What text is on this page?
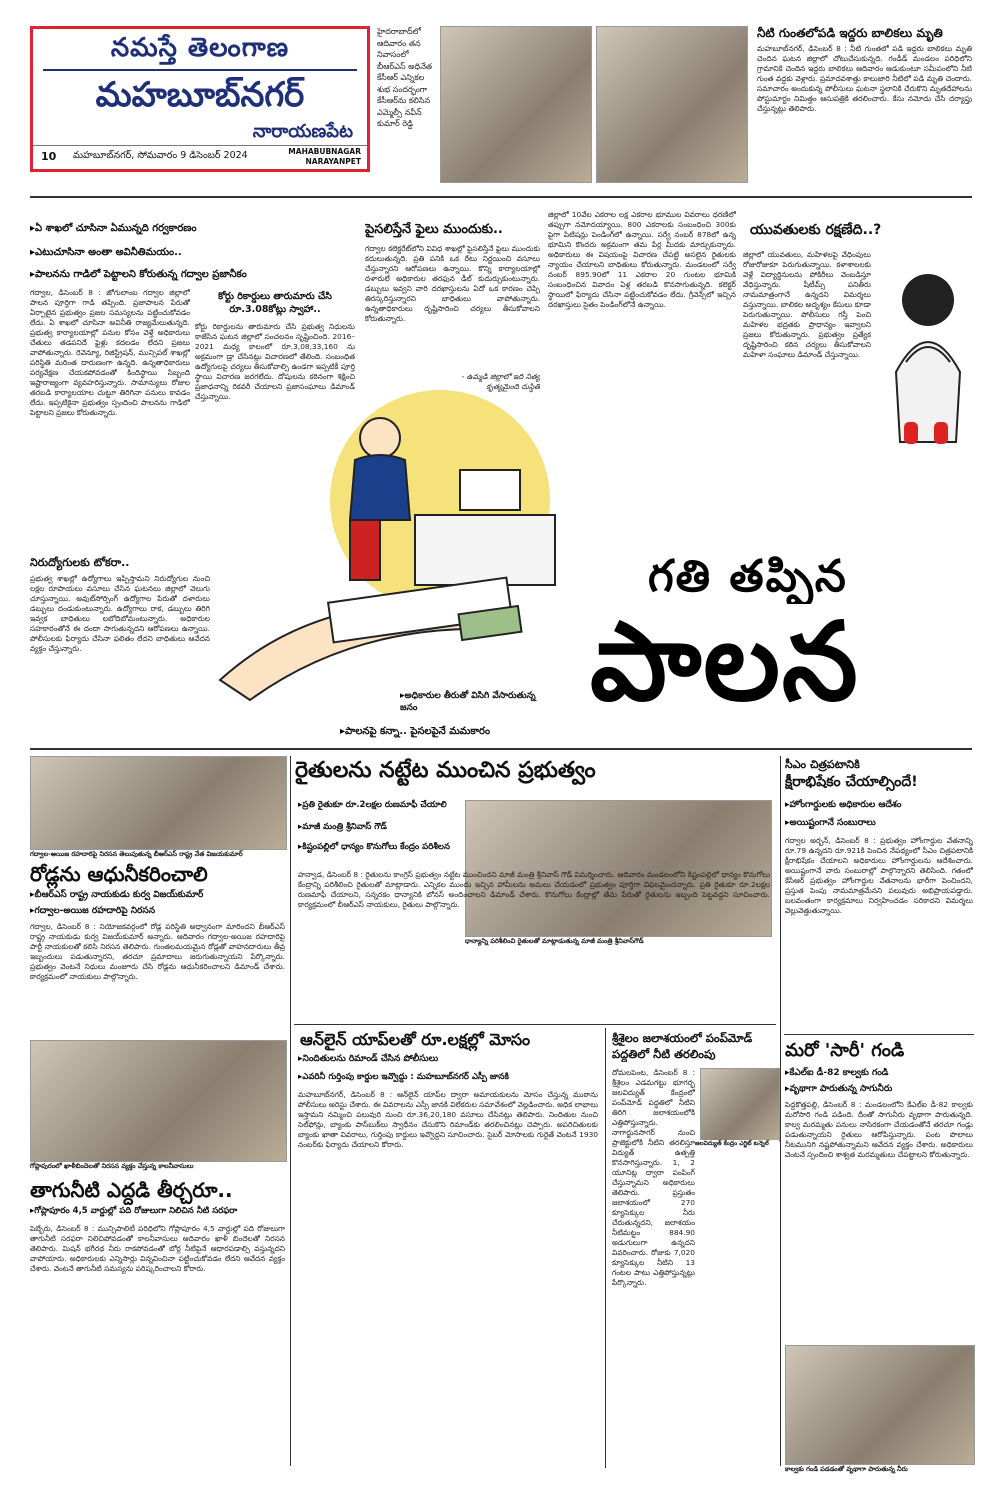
నమస్తే తెలంగాణ
మహబూబ్‌నగర్
నారాయణపేట
10 మహబూబ్‌నగర్, సోమవారం 9 డిసెంబర్ 2024	MAHABUBNAGAR
NARAYANPET
హైదరాబాద్‌లో ఆదివారం తన నివాసంలో బీఆర్‌ఎస్ అధినేత కేసీఆర్ ఎన్నికల శుభ సందర్భంగా కేసీఆర్‌ను కలిసిన ఎమ్మెల్సీ నవీన్ కుమార్ రెడ్డి
నీటి గుంతలోపడి ఇద్దరు బాలికలు మృతి
మహబూబ్‌నగర్, డిసెంబర్ 8 : నీటి గుంతలో పడి ఇద్దరు బాలికలు మృతి చెందిన ఘటన జిల్లాలో చోటుచేసుకున్నది. గండీడ్ మండలం పరిధిలోని గ్రామానికి చెందిన ఇద్దరు బాలికలు ఆదివారం ఆడుకుంటూ సమీపంలోని నీటి గుంత వద్దకు వెళ్లారు. ప్రమాదవశాత్తు కాలుజారి నీటిలో పడి మృతి చెందారు. సమాచారం అందుకున్న పోలీసులు ఘటనా స్థలానికి చేరుకొని మృతదేహాలను పోస్టుమార్టం నిమిత్తం ఆసుపత్రికి తరలించారు. కేసు నమోదు చేసి దర్యాప్తు చేస్తున్నట్లు తెలిపారు.
▸ ఏ శాఖలో చూసినా ఏమున్నది గర్వకారణం
▸ ఎటుచూసినా అంతా అవినీతిమయం..
▸ పాలనను గాడిలో పెట్టాలని కోరుతున్న గద్వాల ప్రజానీకం
గద్వాల, డిసెంబర్ 8 : జోగులాంబ గద్వాల జిల్లాలో పాలన పూర్తిగా గాడి తప్పింది. ప్రజాపాలన పేరుతో ఏర్పాటైన ప్రభుత్వం ప్రజల సమస్యలను పట్టించుకోవడం లేదు. ఏ శాఖలో చూసినా అవినీతి రాజ్యమేలుతున్నది. ప్రభుత్వ కార్యాలయాల్లో పనుల కోసం వెళ్తే అధికారులు చేతులు తడపనిదే ఫైళ్లు కదలడం లేదని ప్రజలు వాపోతున్నారు. రెవెన్యూ, రిజిస్ట్రేషన్, మున్సిపల్ శాఖల్లో పరిస్థితి మరింత దారుణంగా ఉన్నది. ఉన్నతాధికారులు పర్యవేక్షణ చేయకపోవడంతో కిందిస్థాయి సిబ్బంది ఇష్టారాజ్యంగా వ్యవహరిస్తున్నారు. సామాన్యులు రోజుల తరబడి కార్యాలయాల చుట్టూ తిరిగినా పనులు కావడం లేదు. ఇప్పటికైనా ప్రభుత్వం స్పందించి పాలనను గాడిలో పెట్టాలని ప్రజలు కోరుతున్నారు.
నిరుద్యోగులకు టోకరా..
ప్రభుత్వ శాఖల్లో ఉద్యోగాలు ఇప్పిస్తామని నిరుద్యోగుల నుంచి లక్షల రూపాయలు వసూలు చేసిన ఘటనలు జిల్లాలో వెలుగు చూస్తున్నాయి. అవుట్‌సోర్సింగ్ ఉద్యోగాల పేరుతో దళారులు డబ్బులు దండుకుంటున్నారు. ఉద్యోగాలు రాక, డబ్బులు తిరిగి ఇవ్వక బాధితులు లబోదిబోమంటున్నారు. అధికారుల సహకారంతోనే ఈ దందా సాగుతున్నదని ఆరోపణలు ఉన్నాయి. పోలీసులకు ఫిర్యాదు చేసినా ఫలితం లేదని బాధితులు ఆవేదన వ్యక్తం చేస్తున్నారు.
కోర్టు రికార్డులు తారుమారు చేసి రూ.3.08కోట్లు స్వాహా..
కోర్టు రికార్డులను తారుమారు చేసి ప్రభుత్వ నిధులను కాజేసిన ఘటన జిల్లాలో సంచలనం సృష్టించింది. 2016–2021 మధ్య కాలంలో రూ.3,08,33,160 ను అక్రమంగా డ్రా చేసినట్లు విచారణలో తేలింది. సంబంధిత ఉద్యోగులపై చర్యలు తీసుకోవాల్సి ఉండగా ఇప్పటికీ పూర్తి స్థాయి విచారణ జరగలేదు. దోషులను కఠినంగా శిక్షించి ప్రజాధనాన్ని రికవరీ చేయాలని ప్రజాసంఘాలు డిమాండ్ చేస్తున్నాయి.
పైసలిస్తేనే ఫైలు ముందుకు..
గద్వాల కలెక్టరేట్‌లోని వివిధ శాఖల్లో పైసలిస్తేనే ఫైలు ముందుకు కదులుతున్నది. ప్రతి పనికి ఒక రేటు నిర్ణయించి వసూలు చేస్తున్నారని ఆరోపణలు ఉన్నాయి. కొన్ని కార్యాలయాల్లో దళారులే అధికారుల తరఫున డీల్ కుదుర్చుకుంటున్నారు. డబ్బులు ఇవ్వని వారి దరఖాస్తులను ఏదో ఒక కారణం చెప్పి తిరస్కరిస్తున్నారని బాధితులు వాపోతున్నారు. ఉన్నతాధికారులు దృష్టిసారించి చర్యలు తీసుకోవాలని కోరుతున్నారు.
- ఉమ్మడి జిల్లాలో ఇది నిత్య కృత్యమైంది దుస్థితి
జిల్లాలో 10వేల ఎకరాల లక్ష ఎకరాల భూముల వివరాలు ధరణిలో తప్పుగా నమోదయ్యాయి. 800 ఎకరాలకు సంబంధించి 300కు పైగా పిటిషన్లు పెండింగ్‌లో ఉన్నాయి. సర్వే నంబర్ 878లో ఉన్న భూమిని కొందరు అక్రమంగా తమ పేర్ల మీదకు మార్చుకున్నారు. అధికారులు ఈ విషయంపై విచారణ చేపట్టి అసలైన రైతులకు న్యాయం చేయాలని బాధితులు కోరుతున్నారు. మండలంలో సర్వే నంబర్ 895.90లో 11 ఎకరాల 20 గుంటల భూమికి సంబంధించిన వివాదం ఏళ్ల తరబడి కొనసాగుతున్నది. కలెక్టర్ స్థాయిలో ఫిర్యాదు చేసినా పట్టించుకోవడం లేదు. గ్రీవెన్స్‌లో ఇచ్చిన దరఖాస్తులు సైతం పెండింగ్‌లోనే ఉన్నాయి.
యువతులకు రక్షణేది..?
జిల్లాలో యువతులు, మహిళలపై వేధింపులు రోజురోజుకూ పెరుగుతున్నాయి. కళాశాలలకు వెళ్లే విద్యార్థినులను పోకిరీలు వెంబడిస్తూ వేధిస్తున్నారు. షీటీమ్స్ పనితీరు నామమాత్రంగానే ఉన్నదని విమర్శలు వస్తున్నాయి. బాలికల అదృశ్యం కేసులు కూడా పెరుగుతున్నాయి. పోలీసులు గస్తీ పెంచి మహిళల భద్రతకు ప్రాధాన్యం ఇవ్వాలని ప్రజలు కోరుతున్నారు. ప్రభుత్వం ప్రత్యేక దృష్టిసారించి కఠిన చర్యలు తీసుకోవాలని మహిళా సంఘాలు డిమాండ్ చేస్తున్నాయి.
గతి తప్పిన
పాలన
▸ అధికారుల తీరుతో విసిగి వేసారుతున్న జనం
▸ పాలనపై కన్నా.. పైసలపైనే మమకారం
గద్వాల-అయిజ రహదారిపై నిరసన తెలుపుతున్న బీఆర్‌ఎస్ రాష్ట్ర నేత విజయకుమార్
రోడ్లను ఆధునీకరించాలి
▸ బీఆర్‌ఎస్ రాష్ట్ర నాయకుడు కుర్వ విజయ్‌కుమార్
▸ గద్వాల-అయిజ రహదారిపై నిరసన
గద్వాల, డిసెంబర్ 8 : నియోజకవర్గంలో రోడ్ల పరిస్థితి అధ్వానంగా మారిందని బీఆర్‌ఎస్ రాష్ట్ర నాయకుడు కుర్వ విజయ్‌కుమార్ అన్నారు. ఆదివారం గద్వాల-అయిజ రహదారిపై పార్టీ నాయకులతో కలిసి నిరసన తెలిపారు. గుంతలమయమైన రోడ్లతో వాహనదారులు తీవ్ర ఇబ్బందులు పడుతున్నారని, తరచూ ప్రమాదాలు జరుగుతున్నాయని పేర్కొన్నారు. ప్రభుత్వం వెంటనే నిధులు మంజూరు చేసి రోడ్లను ఆధునీకరించాలని డిమాండ్ చేశారు. కార్యక్రమంలో నాయకులు పాల్గొన్నారు.
గోప్లాపురంలో ఖాళీబిందెలతో నిరసన వ్యక్తం చేస్తున్న కాలనీవాసులు
తాగునీటి ఎద్దడి తీర్చరూ..
▸ గోప్లాపూరం 4,5 వార్డుల్లో పది రోజులుగా నిలిచిన నీటి సరఫరా
పెబ్బేరు, డిసెంబర్ 8 : మున్సిపాలిటీ పరిధిలోని గోప్లాపూరం 4,5 వార్డుల్లో పది రోజులుగా తాగునీటి సరఫరా నిలిచిపోవడంతో కాలనీవాసులు ఆదివారం ఖాళీ బిందెలతో నిరసన తెలిపారు. మిషన్ భగీరథ నీరు రాకపోవడంతో బోర్ల నీటిపైనే ఆధారపడాల్సి వస్తున్నదని వాపోయారు. అధికారులకు ఎన్నిసార్లు విన్నవించినా పట్టించుకోవడం లేదని ఆవేదన వ్యక్తం చేశారు. వెంటనే తాగునీటి సమస్యను పరిష్కరించాలని కోరారు.
రైతులను నట్టేట ముంచిన ప్రభుత్వం
▸ ప్రతి రైతుకూ రూ.2లక్షల రుణమాఫీ చేయాలి
▸ మాజీ మంత్రి శ్రీనివాస్ గౌడ్
▸ కిష్టంపల్లిలో ధాన్యం కొనుగోలు కేంద్రం పరిశీలన
ధాన్యాన్ని పరిశీలించి రైతులతో మాట్లాడుతున్న మాజీ మంత్రి శ్రీనివాస్‌గౌడ్
హన్వాడ, డిసెంబర్ 8 : రైతులను కాంగ్రెస్ ప్రభుత్వం నట్టేట ముంచిందని మాజీ మంత్రి శ్రీనివాస్ గౌడ్ విమర్శించారు. ఆదివారం మండలంలోని కిష్టంపల్లిలో ధాన్యం కొనుగోలు కేంద్రాన్ని పరిశీలించి రైతులతో మాట్లాడారు. ఎన్నికల ముందు ఇచ్చిన హామీలను అమలు చేయడంలో ప్రభుత్వం పూర్తిగా విఫలమైందన్నారు. ప్రతి రైతుకూ రూ.2లక్షల రుణమాఫీ చేయాలని, సన్నరకం ధాన్యానికి బోనస్ అందించాలని డిమాండ్ చేశారు. కొనుగోలు కేంద్రాల్లో తేమ పేరుతో రైతులను ఇబ్బంది పెట్టవద్దని సూచించారు. కార్యక్రమంలో బీఆర్‌ఎస్ నాయకులు, రైతులు పాల్గొన్నారు.
ఆన్‌లైన్ యాప్‌లతో రూ.లక్షల్లో మోసం
▸ నిందితులను రిమాండ్ చేసిన పోలీసులు
▸ ఎవరినీ గుర్తింపు కార్డుల ఇవ్వొద్దు : మహబూబ్‌నగర్ ఎస్పీ జానకి
మహబూబ్‌నగర్, డిసెంబర్ 8 : ఆన్‌లైన్ యాప్‌ల ద్వారా అమాయకులను మోసం చేస్తున్న ముఠాను పోలీసులు అరెస్టు చేశారు. ఈ వివరాలను ఎస్పీ జానకి విలేకరుల సమావేశంలో వెల్లడించారు. అధిక లాభాలు ఇస్తామని నమ్మించి పలువురి నుంచి రూ.36,20,180 వసూలు చేసినట్లు తెలిపారు. నిందితుల నుంచి సెల్‌ఫోన్లు, బ్యాంకు పాస్‌బుక్‌లు స్వాధీనం చేసుకొని రిమాండ్‌కు తరలించినట్లు చెప్పారు. అపరిచితులకు బ్యాంకు ఖాతా వివరాలు, గుర్తింపు కార్డులు ఇవ్వొద్దని సూచించారు. సైబర్ మోసాలకు గురైతే వెంటనే 1930 నంబర్‌కు ఫిర్యాదు చేయాలని కోరారు.
శ్రీశైలం జలాశయంలో పంప్‌మోడ్ పద్ధతిలో నీటి తరలింపు
జలవిద్యుత్ కేంద్రం ఎగ్జిట్ టన్నెల్
దోమలపెంట, డిసెంబర్ 8 : శ్రీశైలం ఎడమగట్టు భూగర్భ జలవిద్యుత్ కేంద్రంలో పంప్‌మోడ్ పద్ధతిలో నీటిని తిరిగి జలాశయంలోకి ఎత్తిపోస్తున్నారు. నాగార్జునసాగర్ నుంచి ప్రాజెక్టులోకి నీటిని తరలిస్తూ విద్యుత్ ఉత్పత్తి కొనసాగిస్తున్నారు. 1, 2 యూనిట్ల ద్వారా పంపింగ్ చేస్తున్నామని అధికారులు తెలిపారు. ప్రస్తుతం జలాశయంలో 270 క్యూసెక్కుల నీరు చేరుతున్నదని, జలాశయం నీటిమట్టం 884.90 అడుగులుగా ఉన్నదని వివరించారు. రోజుకు 7,020 క్యూసెక్కుల నీటిని 13 గంటల పాటు ఎత్తిపోస్తున్నట్లు పేర్కొన్నారు.
సీఎం చిత్రపటానికి
క్షీరాభిషేకం చేయాల్సిందే!
▸ హోంగార్డులకు అధికారుల ఆదేశం
▸ అయిష్టంగానే సంబురాలు
గద్వాల అర్బన్, డిసెంబర్ 8 : ప్రభుత్వం హోంగార్డుల వేతనాన్ని రూ.79 ఉన్నదని రూ.921కి పెంచిన నేపథ్యంలో సీఎం చిత్రపటానికి క్షీరాభిషేకం చేయాలని అధికారులు హోంగార్డులను ఆదేశించారు. అయిష్టంగానే వారు సంబురాల్లో పాల్గొన్నారని తెలిసింది. గతంలో కేసీఆర్ ప్రభుత్వం హోంగార్డుల వేతనాలను భారీగా పెంచిందని, ప్రస్తుత పెంపు నామమాత్రమేనని పలువురు అభిప్రాయపడ్డారు. బలవంతంగా కార్యక్రమాలు నిర్వహించడం సరికాదని విమర్శలు వెల్లువెత్తుతున్నాయి.
మరో 'సారీ' గండి
▸ కేఎల్‌ఐ డీ-82 కాల్వకు గండి
▸ వృథాగా పారుతున్న సాగునీరు
పెద్దకొత్తపల్లి, డిసెంబర్ 8 : మండలంలోని కేఎల్‌ఐ డీ-82 కాల్వకు మరోసారి గండి పడింది. దీంతో సాగునీరు వృథాగా పారుతున్నది. కాల్వ మరమ్మతు పనులు నాసిరకంగా చేయడంతోనే తరచూ గండ్లు పడుతున్నాయని రైతులు ఆరోపిస్తున్నారు. పంట పొలాలు నీటమునిగి నష్టపోతున్నామని ఆవేదన వ్యక్తం చేశారు. అధికారులు వెంటనే స్పందించి శాశ్వత మరమ్మతులు చేపట్టాలని కోరుతున్నారు.
కాల్వకు గండి పడడంతో వృథాగా పారుతున్న నీరు
